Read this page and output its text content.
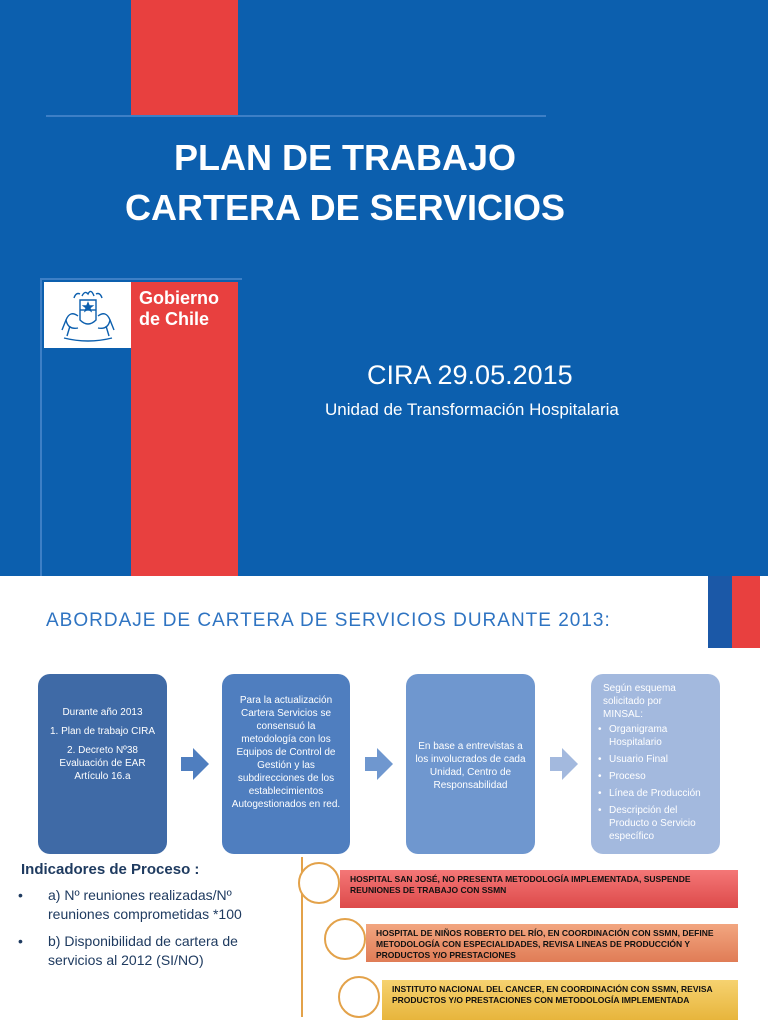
PLAN DE TRABAJO
CARTERA DE SERVICIOS
Gobierno
de Chile
CIRA 29.05.2015
Unidad de Transformación Hospitalaria
ABORDAJE DE CARTERA DE SERVICIOS DURANTE 2013:

Durante año 2013

1. Plan de trabajo CIRA

2. Decreto Nº38 Evaluación de EAR Artículo 16.a

Para la actualización Cartera Servicios se consensuó la metodología con los Equipos de Control de Gestión y las subdirecciones de los establecimientos Autogestionados en red.
En base a entrevistas a los involucrados de cada Unidad, Centro de Responsabilidad
Según esquema solicitado por MINSAL:
• Organigrama Hospitalario
• Usuario Final
• Proceso
• Línea de Producción
• Descripción del Producto o Servicio específico
Indicadores de Proceso :
• a) Nº reuniones realizadas/Nº reuniones comprometidas *100
• b) Disponibilidad de cartera de servicios al 2012 (SI/NO)
HOSPITAL SAN JOSÉ, NO PRESENTA METODOLOGÍA IMPLEMENTADA, SUSPENDE REUNIONES DE TRABAJO CON SSMN
HOSPITAL DE NIÑOS ROBERTO DEL RÍO, EN COORDINACIÓN CON SSMN, DEFINE METODOLOGÍA CON ESPECIALIDADES, REVISA LINEAS DE PRODUCCIÓN Y PRODUCTOS Y/O PRESTACIONES
INSTITUTO NACIONAL DEL CANCER, EN COORDINACIÓN CON SSMN, REVISA PRODUCTOS Y/O PRESTACIONES CON METODOLOGÍA IMPLEMENTADA
